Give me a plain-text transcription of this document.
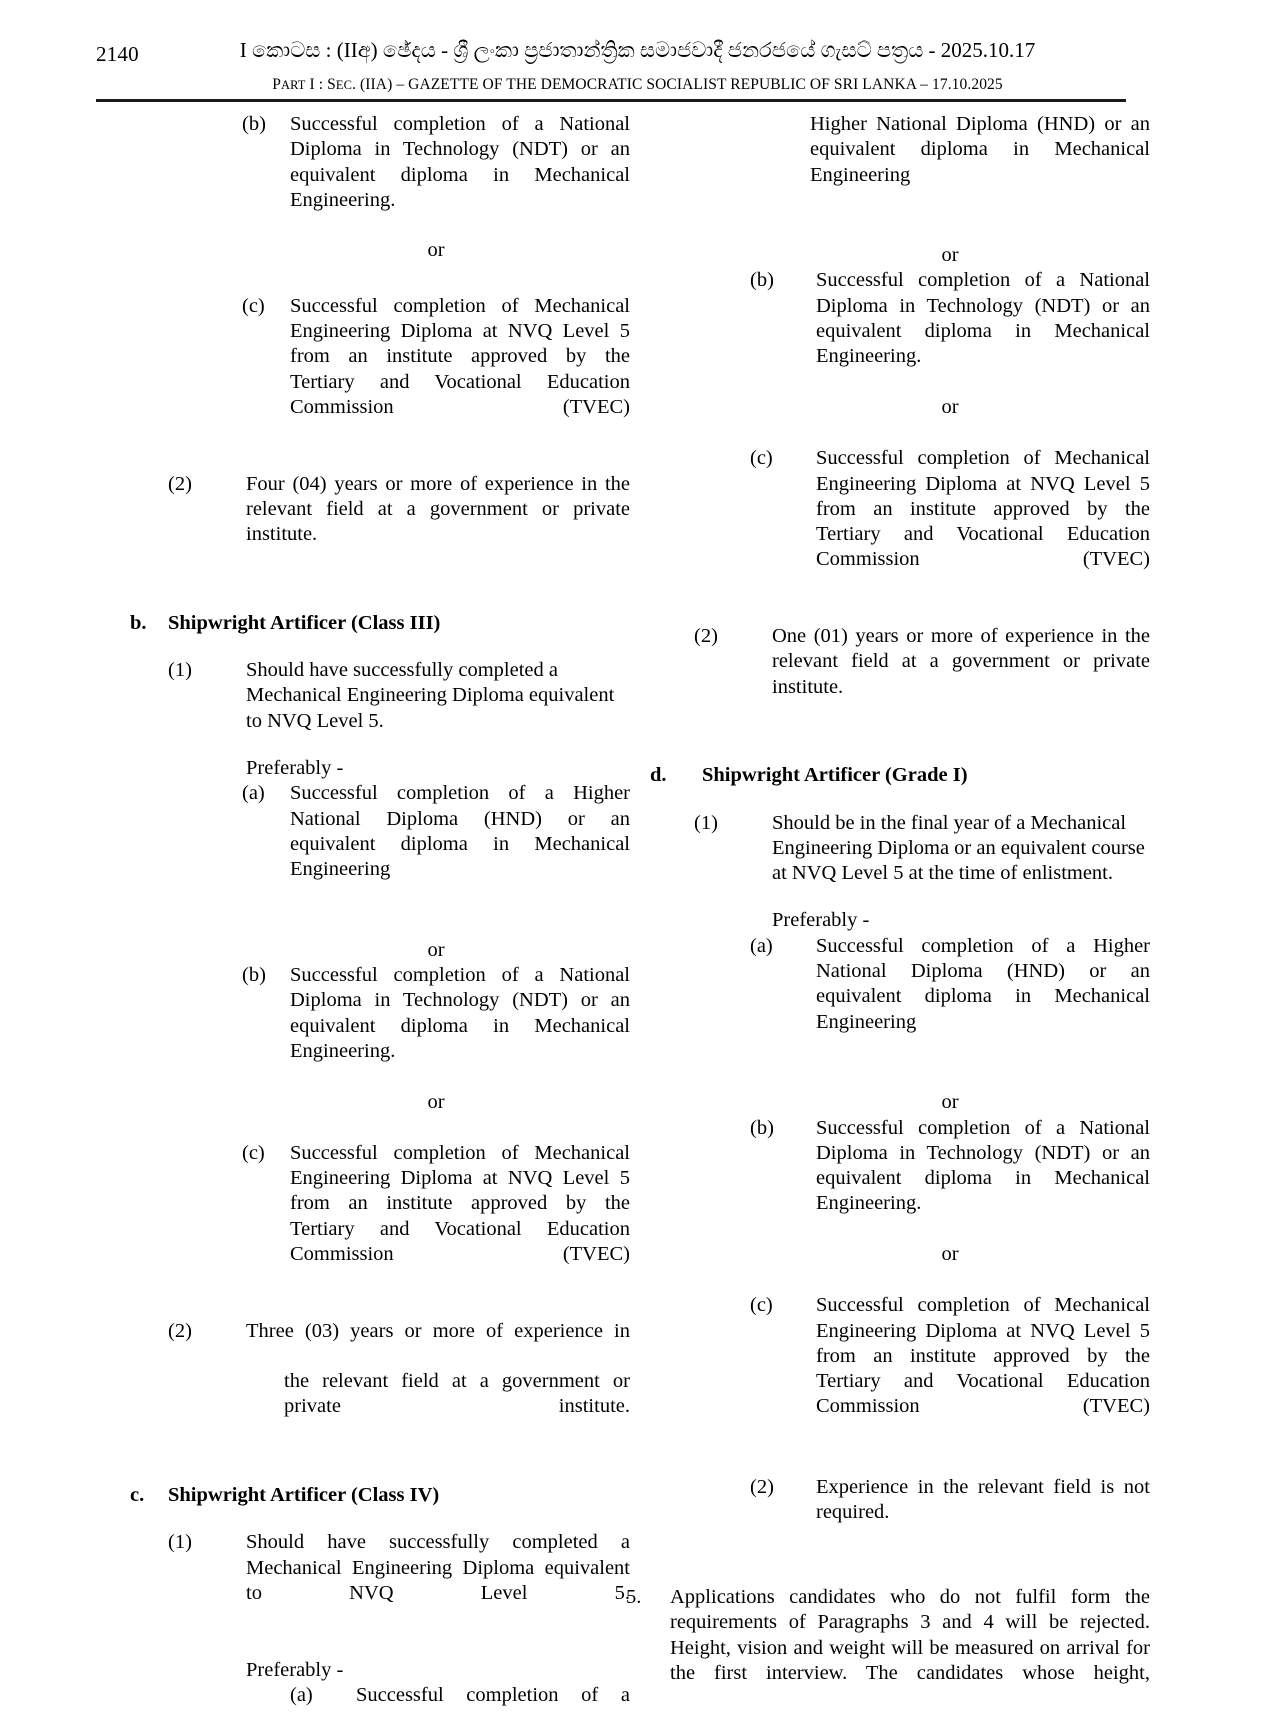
2140	I කොටස : (IIඅ) ඡේදය - ශ්‍රී ලංකා ප්‍රජාතාන්ත්‍රික සමාජවාදී ජනරජයේ ගැසට් පත්‍රය - 2025.10.17
PART I : SEC. (IIA) – GAZETTE OF THE DEMOCRATIC SOCIALIST REPUBLIC OF SRI LANKA – 17.10.2025
(b)	Successful completion of a National Diploma in Technology (NDT) or an equivalent diploma in Mechanical Engineering.
or
(c)	Successful completion of Mechanical Engineering Diploma at NVQ Level 5 from an institute approved by the Tertiary and Vocational Education Commission (TVEC)
(2)	Four (04) years or more of experience in the relevant field at a government or private institute.
b.	Shipwright Artificer (Class III)
(1)	Should have successfully completed a Mechanical Engineering Diploma equivalent to NVQ Level 5.
Preferably -
(a)	Successful completion of a Higher National Diploma (HND) or an equivalent diploma in Mechanical Engineering
or
(b)	Successful completion of a National Diploma in Technology (NDT) or an equivalent diploma in Mechanical Engineering.
or
(c)	Successful completion of Mechanical Engineering Diploma at NVQ Level 5 from an institute approved by the Tertiary and Vocational Education Commission (TVEC)
(2)	Three (03) years or more of experience in
the relevant field at a government or private institute.
c.	Shipwright Artificer (Class IV)
(1)	Should have successfully completed a Mechanical Engineering Diploma equivalent to NVQ Level 5.
Preferably -
(a)	Successful completion of a
Higher National Diploma (HND) or an equivalent diploma in Mechanical Engineering
or
(b)	Successful completion of a National Diploma in Technology (NDT) or an equivalent diploma in Mechanical Engineering.
or
(c)	Successful completion of Mechanical Engineering Diploma at NVQ Level 5 from an institute approved by the Tertiary and Vocational Education Commission (TVEC)
(2)	One (01) years or more of experience in the relevant field at a government or private institute.
d.	Shipwright Artificer (Grade I)
(1)	Should be in the final year of a Mechanical Engineering Diploma or an equivalent course at NVQ Level 5 at the time of enlistment.
Preferably -
(a)	Successful completion of a Higher National Diploma (HND) or an equivalent diploma in Mechanical Engineering
or
(b)	Successful completion of a National Diploma in Technology (NDT) or an equivalent diploma in Mechanical Engineering.
or
(c)	Successful completion of Mechanical Engineering Diploma at NVQ Level 5 from an institute approved by the Tertiary and Vocational Education Commission (TVEC)
(2)	Experience in the relevant field is not required.
5.	Applications candidates who do not fulfil form the requirements of Paragraphs 3 and 4 will be rejected. Height, vision and weight will be measured on arrival for the first interview. The candidates whose height,
